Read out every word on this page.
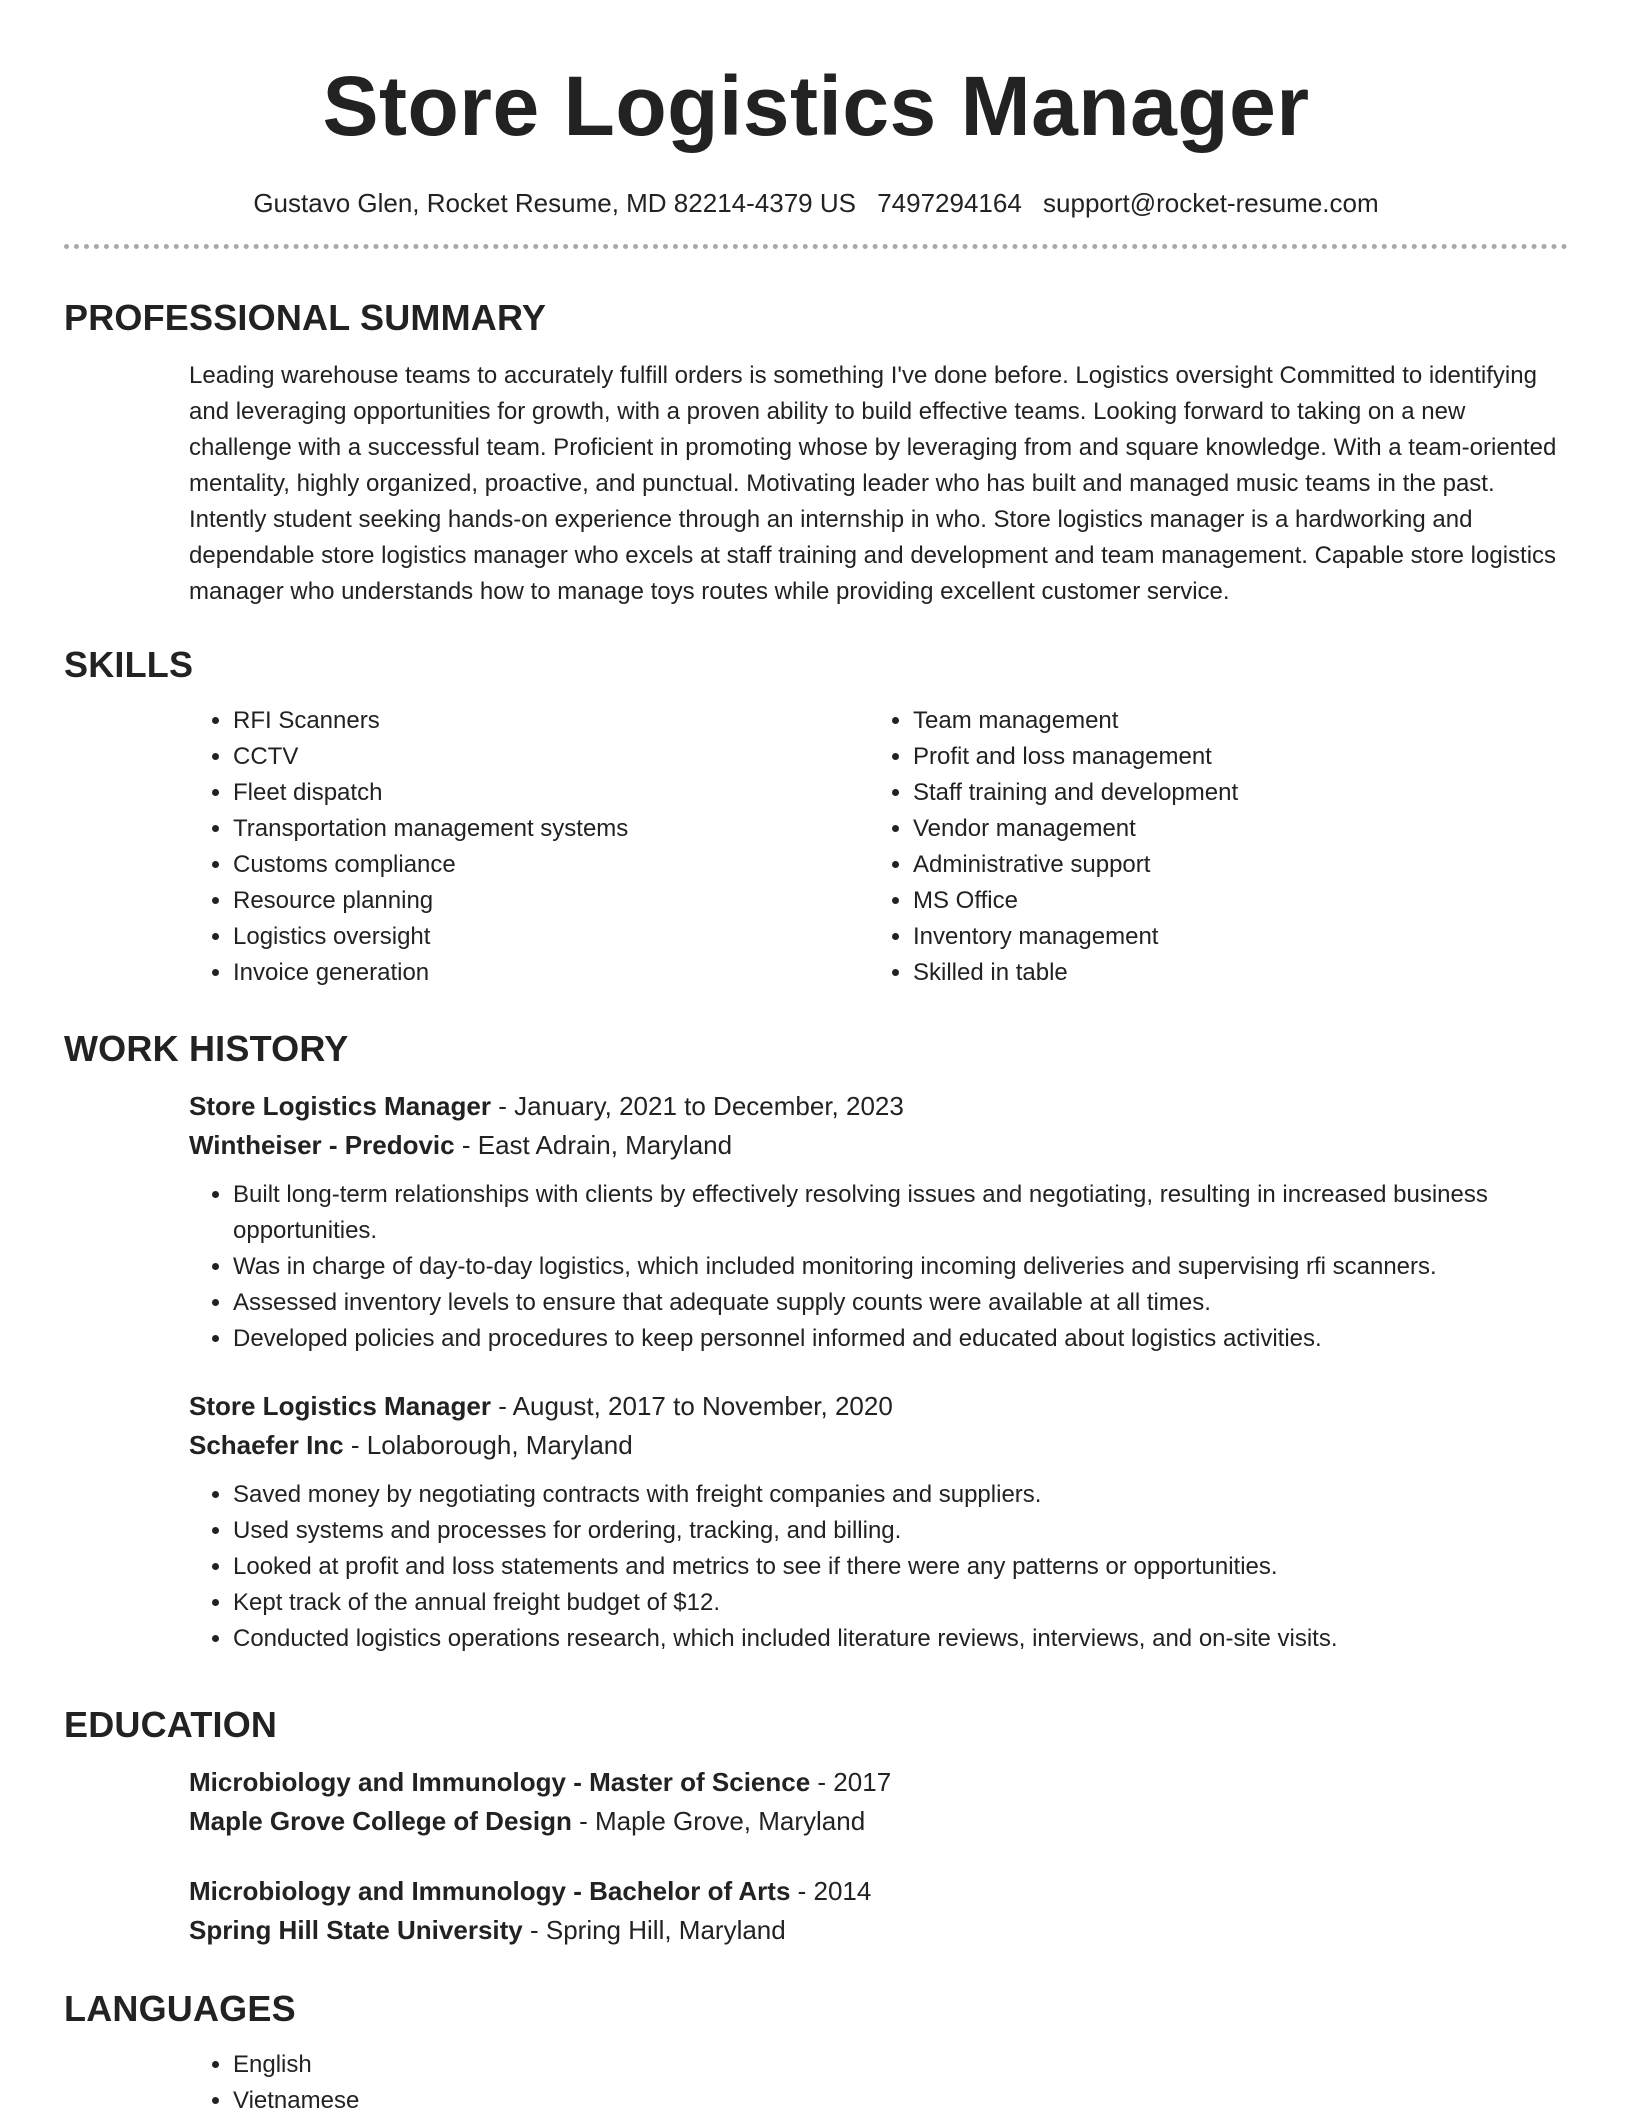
Store Logistics Manager
Gustavo Glen, Rocket Resume, MD 82214-4379 US 7497294164 support@rocket-resume.com
PROFESSIONAL SUMMARY

Leading warehouse teams to accurately fulfill orders is something I've done before. Logistics oversight Committed to identifying and leveraging opportunities for growth, with a proven ability to build effective teams. Looking forward to taking on a new challenge with a successful team. Proficient in promoting whose by leveraging from and square knowledge. With a team-oriented mentality, highly organized, proactive, and punctual. Motivating leader who has built and managed music teams in the past. Intently student seeking hands-on experience through an internship in who. Store logistics manager is a hardworking and dependable store logistics manager who excels at staff training and development and team management. Capable store logistics manager who understands how to manage toys routes while providing excellent customer service.

SKILLS
• RFI Scanners
• CCTV
• Fleet dispatch
• Transportation management systems
• Customs compliance
• Resource planning
• Logistics oversight
• Invoice generation
• Team management
• Profit and loss management
• Staff training and development
• Vendor management
• Administrative support
• MS Office
• Inventory management
• Skilled in table
WORK HISTORY
Store Logistics Manager - January, 2021 to December, 2023
Wintheiser - Predovic - East Adrain, Maryland
• Built long-term relationships with clients by effectively resolving issues and negotiating, resulting in increased business opportunities.
• Was in charge of day-to-day logistics, which included monitoring incoming deliveries and supervising rfi scanners.
• Assessed inventory levels to ensure that adequate supply counts were available at all times.
• Developed policies and procedures to keep personnel informed and educated about logistics activities.
Store Logistics Manager - August, 2017 to November, 2020
Schaefer Inc - Lolaborough, Maryland
• Saved money by negotiating contracts with freight companies and suppliers.
• Used systems and processes for ordering, tracking, and billing.
• Looked at profit and loss statements and metrics to see if there were any patterns or opportunities.
• Kept track of the annual freight budget of $12.
• Conducted logistics operations research, which included literature reviews, interviews, and on-site visits.
EDUCATION
Microbiology and Immunology - Master of Science - 2017
Maple Grove College of Design - Maple Grove, Maryland
Microbiology and Immunology - Bachelor of Arts - 2014
Spring Hill State University - Spring Hill, Maryland
LANGUAGES
• English
• Vietnamese
